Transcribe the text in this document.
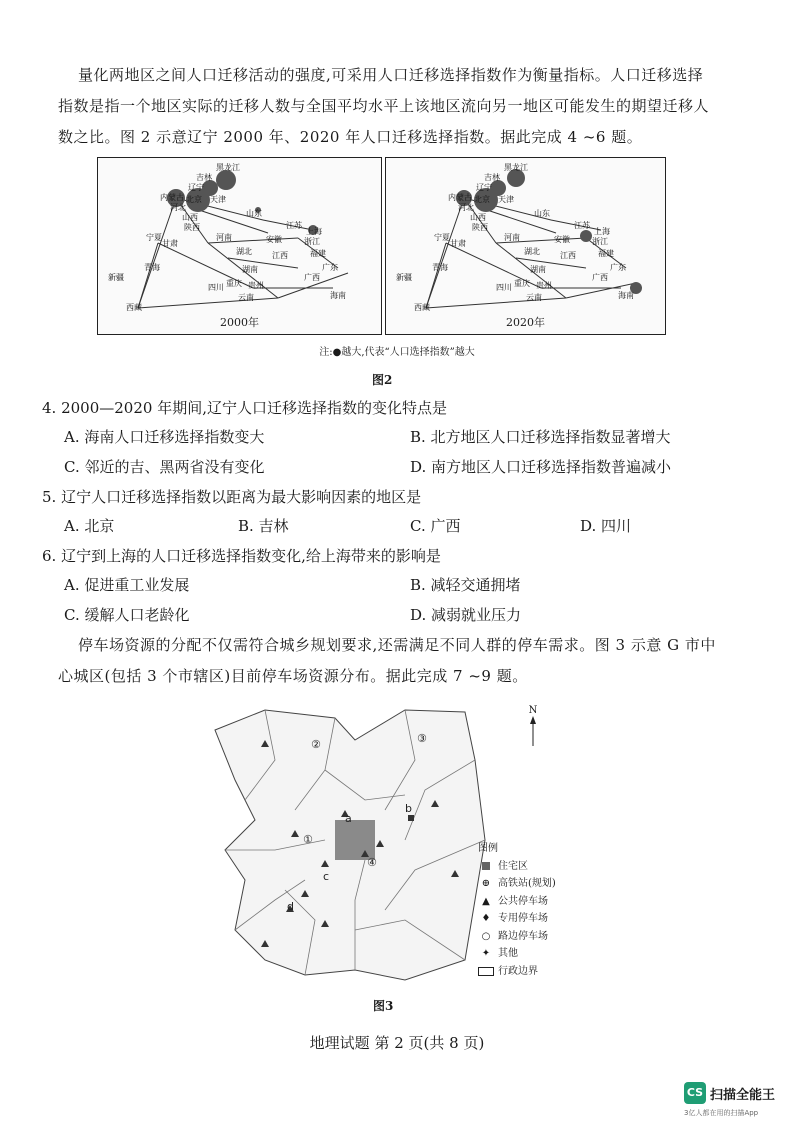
量化两地区之间人口迁移活动的强度,可采用人口迁移选择指数作为衡量指标。人口迁移选择
指数是指一个地区实际的迁移人数与全国平均水平上该地区流向另一地区可能发生的期望迁移人
数之比。图 2 示意辽宁 2000 年、2020 年人口迁移选择指数。据此完成 4 ~6 题。
黑龙江
吉林
辽宁
内蒙古 北京 天津
河北
山西
陕西
宁夏
甘肃
青海
新疆
西藏
河南
山东
江苏
安徽
上海
浙江
福建
湖北
湖南
江西
四川 重庆 贵州
云南
广西
广东
海南
2000年
黑龙江
吉林
辽宁
内蒙古 北京 天津
河北
山西
陕西
宁夏
甘肃
青海
新疆
西藏
河南
山东
江苏
安徽
上海
浙江
福建
湖北
湖南
江西
四川 重庆 贵州
云南
广西
广东
海南
2020年
注:●越大,代表“人口选择指数”越大
图2
4. 2000—2020 年期间,辽宁人口迁移选择指数的变化特点是
A. 海南人口迁移选择指数变大	B. 北方地区人口迁移选择指数显著增大
C. 邻近的吉、黑两省没有变化	D. 南方地区人口迁移选择指数普遍减小
5. 辽宁人口迁移选择指数以距离为最大影响因素的地区是
A. 北京	B. 吉林	C. 广西	D. 四川
6. 辽宁到上海的人口迁移选择指数变化,给上海带来的影响是
A. 促进重工业发展	B. 减轻交通拥堵
C. 缓解人口老龄化	D. 减弱就业压力
停车场资源的分配不仅需符合城乡规划要求,还需满足不同人群的停车需求。图 3 示意 G 市中
心城区(包括 3 个市辖区)目前停车场资源分布。据此完成 7 ~9 题。
①
②	③
④
a
b
c
d
N
图例
住宅区
⊕ 高铁站(规划)
▲ 公共停车场
♦ 专用停车场
○ 路边停车场
✦ 其他
行政边界
图3
地理试题 第 2 页(共 8 页)
CS 扫描全能王
3亿人都在用的扫描App
